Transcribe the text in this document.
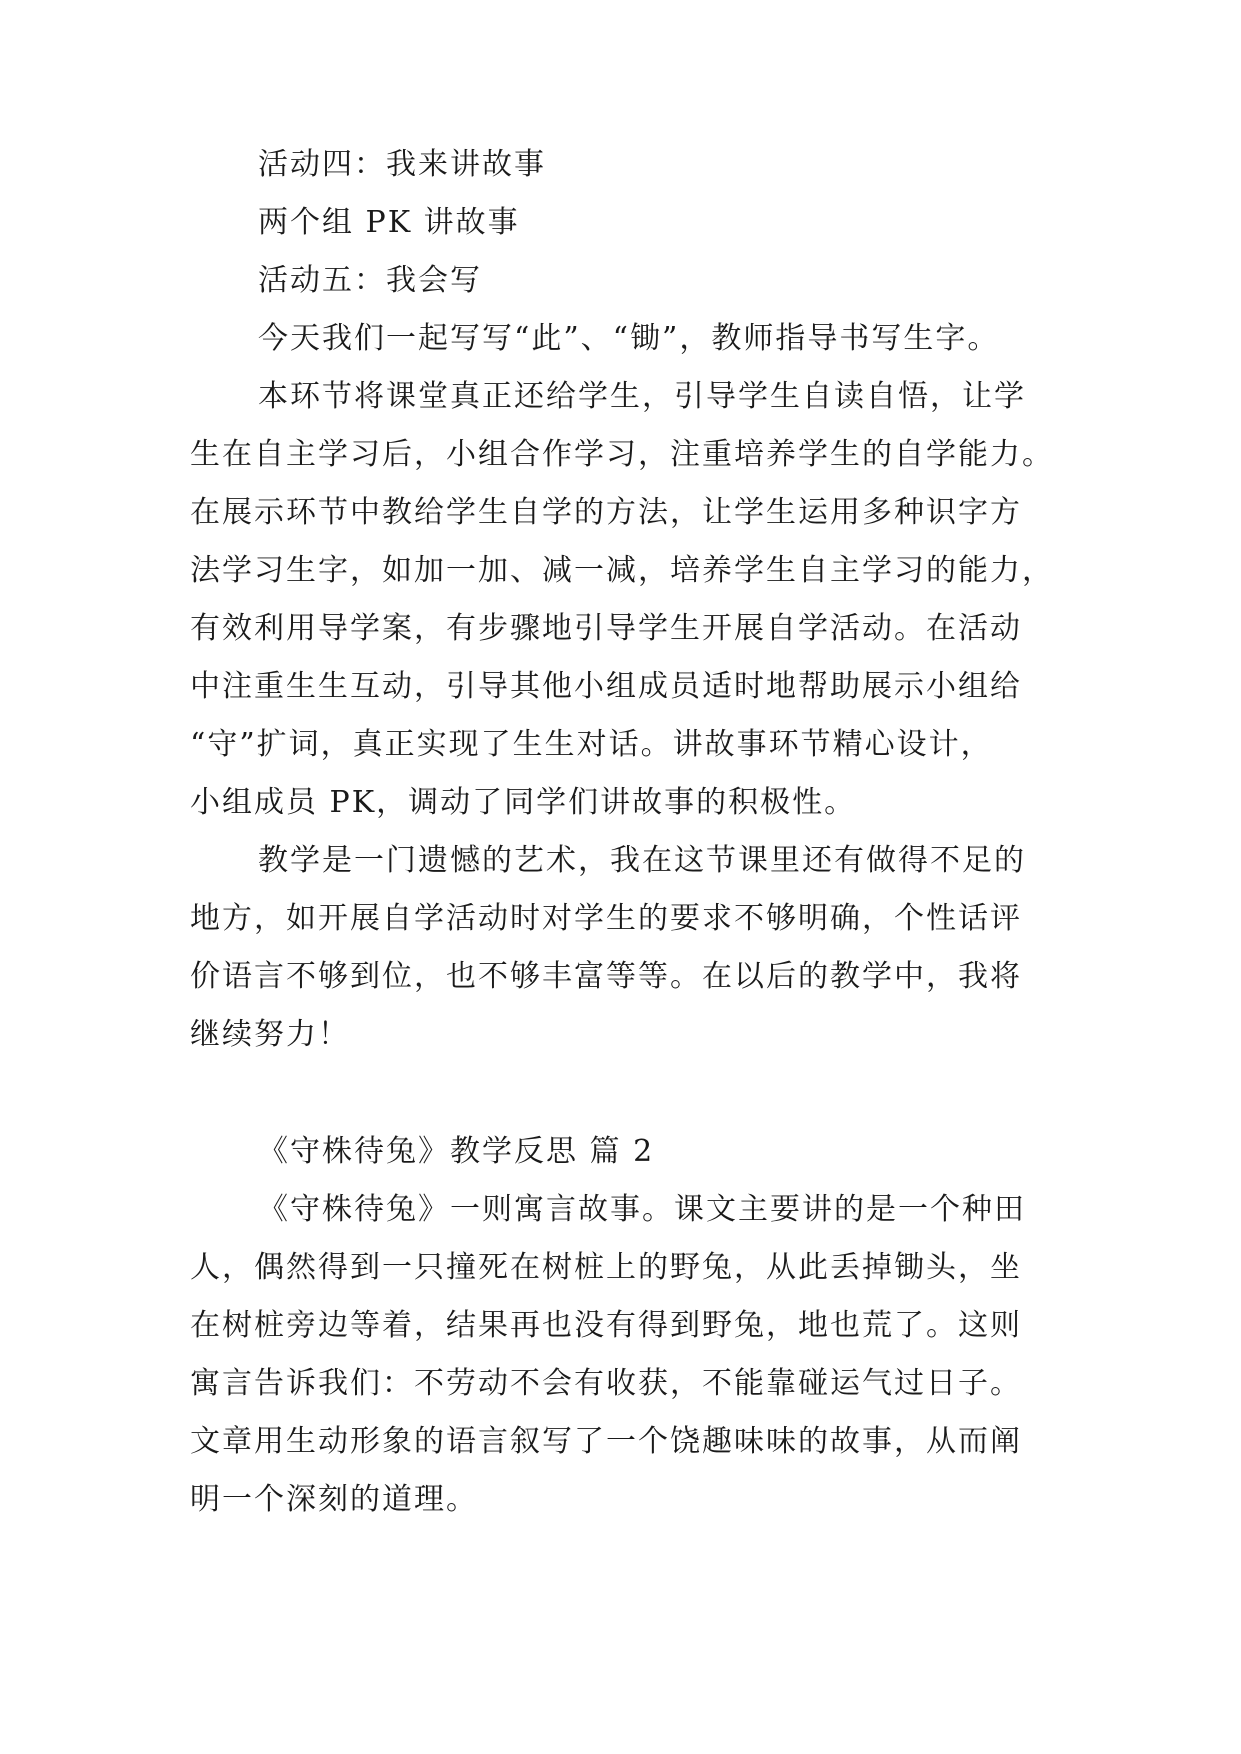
活动四：我来讲故事
两个组 PK 讲故事
活动五：我会写
今天我们一起写写“此”、“锄”，教师指导书写生字。
本环节将课堂真正还给学生，引导学生自读自悟，让学
生在自主学习后，小组合作学习，注重培养学生的自学能力。
在展示环节中教给学生自学的方法，让学生运用多种识字方
法学习生字，如加一加、减一减，培养学生自主学习的能力，
有效利用导学案，有步骤地引导学生开展自学活动。在活动
中注重生生互动，引导其他小组成员适时地帮助展示小组给
“守”扩词，真正实现了生生对话。讲故事环节精心设计，
小组成员 PK，调动了同学们讲故事的积极性。
教学是一门遗憾的艺术，我在这节课里还有做得不足的
地方，如开展自学活动时对学生的要求不够明确，个性话评
价语言不够到位，也不够丰富等等。在以后的教学中，我将
继续努力！
《守株待兔》教学反思 篇 2
《守株待兔》一则寓言故事。课文主要讲的是一个种田
人，偶然得到一只撞死在树桩上的野兔，从此丢掉锄头，坐
在树桩旁边等着，结果再也没有得到野兔，地也荒了。这则
寓言告诉我们：不劳动不会有收获，不能靠碰运气过日子。
文章用生动形象的语言叙写了一个饶趣味味的故事，从而阐
明一个深刻的道理。
